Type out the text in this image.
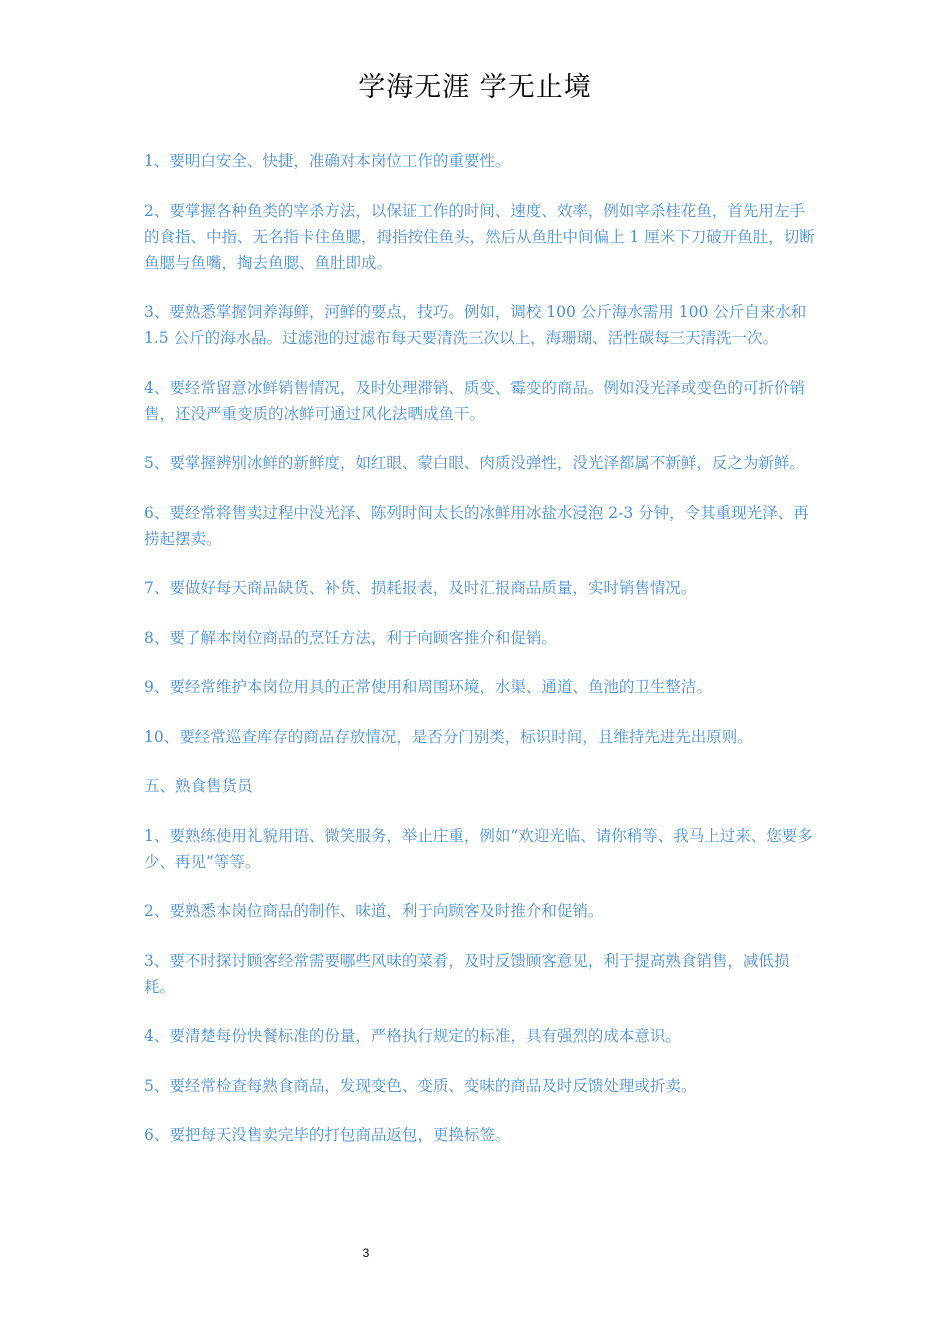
学海无涯 学无止境

1、要明白安全、快捷，准确对本岗位工作的重要性。

2、要掌握各种鱼类的宰杀方法，以保证工作的时间、速度、效率，例如宰杀桂花鱼，首先用左手的食指、中指、无名指卡住鱼腮，拇指按住鱼头，然后从鱼肚中间偏上 1 厘米下刀破开鱼肚，切断鱼腮与鱼嘴，掏去鱼腮、鱼肚即成。

3、要熟悉掌握饲养海鲜，河鲜的要点，技巧。例如，调校 100 公斤海水需用 100 公斤自来水和 1.5 公斤的海水晶。过滤池的过滤布每天要清洗三次以上，海珊瑚、活性碳每三天清洗一次。

4、要经常留意冰鲜销售情况，及时处理滞销、质变、霉变的商品。例如没光泽或变色的可折价销售，还没严重变质的冰鲜可通过风化法晒成鱼干。

5、要掌握辨别冰鲜的新鲜度，如红眼、蒙白眼、肉质没弹性，没光泽都属不新鲜，反之为新鲜。

6、要经常将售卖过程中没光泽、陈列时间太长的冰鲜用冰盐水浸泡 2-3 分钟，令其重现光泽、再捞起摆卖。

7、要做好每天商品缺货、补货、损耗报表，及时汇报商品质量，实时销售情况。

8、要了解本岗位商品的烹饪方法，利于向顾客推介和促销。

9、要经常维护本岗位用具的正常使用和周围环境，水渠、通道、鱼池的卫生整洁。

10、要经常巡查库存的商品存放情况，是否分门别类，标识时间，且维持先进先出原则。

五、熟食售货员

1、要熟练使用礼貌用语、微笑服务，举止庄重，例如“欢迎光临、请你稍等、我马上过来、您要多少、再见”等等。

2、要熟悉本岗位商品的制作、味道，利于向顾客及时推介和促销。

3、要不时探讨顾客经常需要哪些风味的菜肴，及时反馈顾客意见，利于提高熟食销售，减低损耗。

4、要清楚每份快餐标准的份量，严格执行规定的标准，具有强烈的成本意识。

5、要经常检查每熟食商品，发现变色、变质、变味的商品及时反馈处理或折卖。

6、要把每天没售卖完毕的打包商品返包，更换标签。

3
